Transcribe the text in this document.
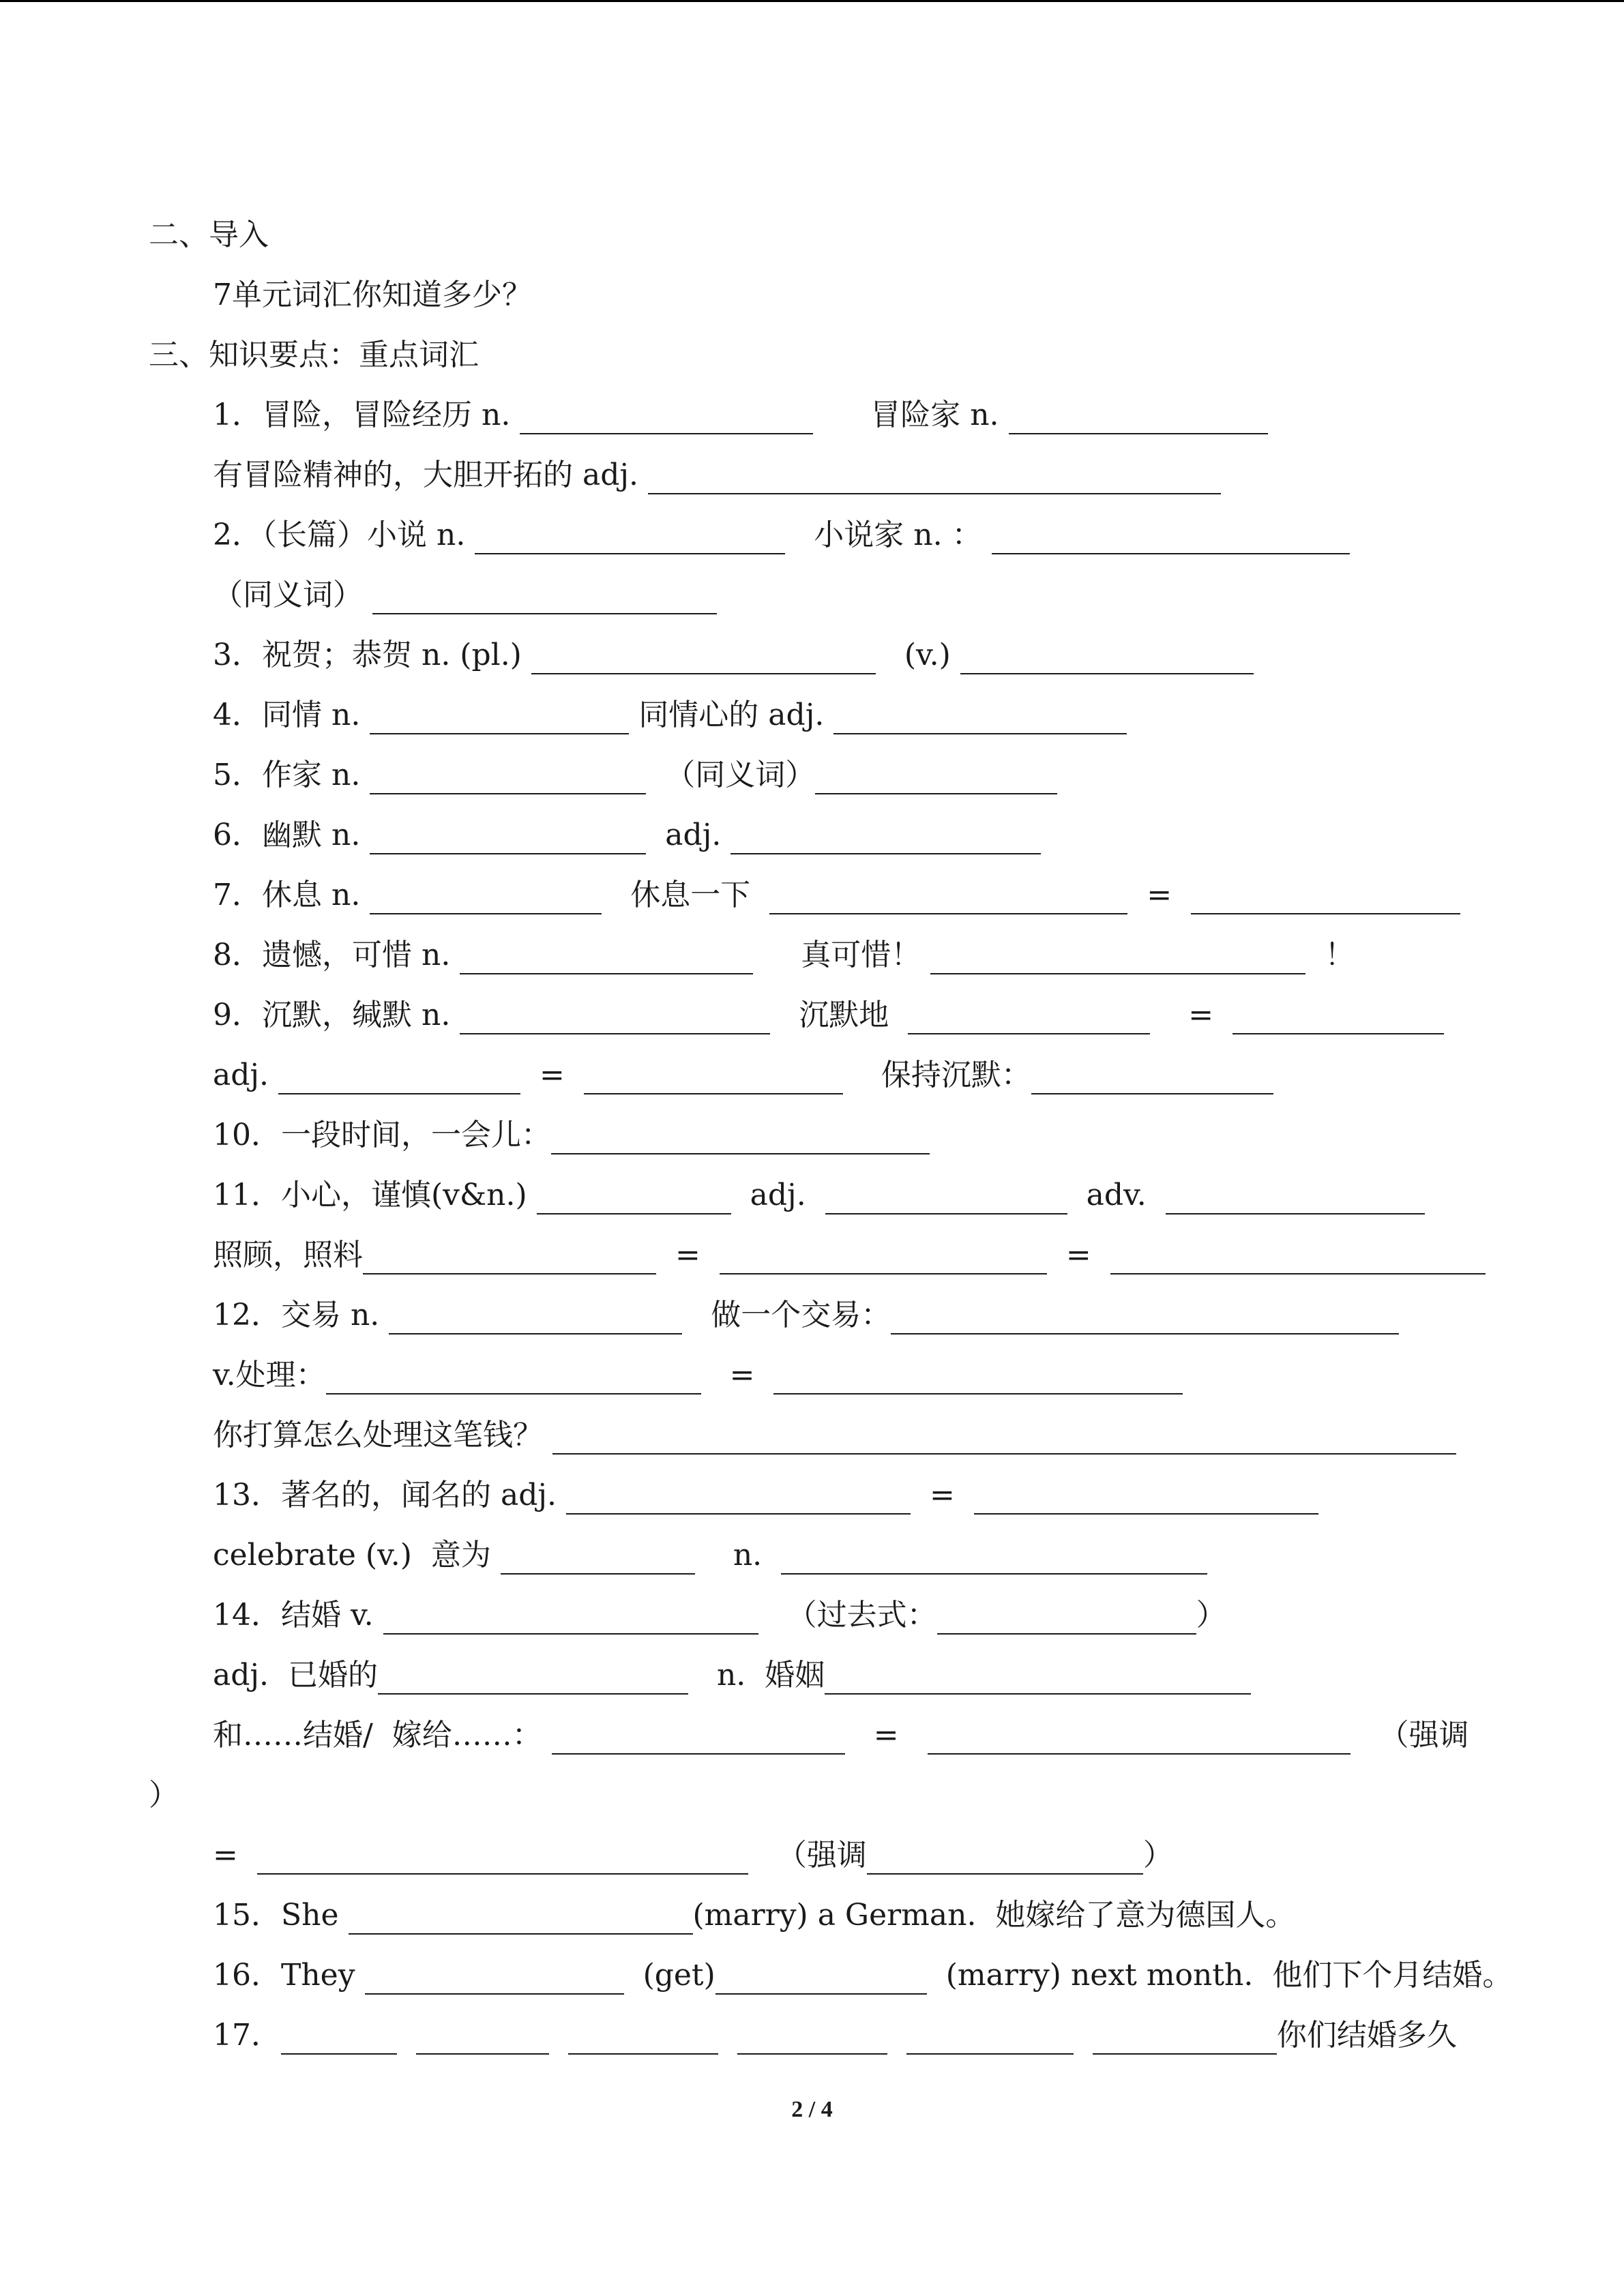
二、导入
7单元词汇你知道多少？
三、知识要点：重点词汇
1．冒险，冒险经历 n.	冒险家 n.
有冒险精神的，大胆开拓的 adj.
2．（长篇）小说 n.	小说家 n. ：
（同义词）
3．祝贺；恭贺 n. (pl.)	(v.)
4．同情 n.	同情心的 adj.
5．作家 n.	（同义词）
6．幽默 n.	adj.
7．休息 n.	休息一下	=
8．遗憾，可惜 n.	真可惜！	！
9．沉默，缄默 n.	沉默地	=
adj.	=	保持沉默：
10．一段时间，一会儿：
11．小心，谨慎(v&n.)	adj.	adv.
照顾，照料	=	=
12．交易 n.	做一个交易：
v.处理：	=
你打算怎么处理这笔钱？
13．著名的，闻名的 adj.	=
celebrate (v.)  意为	n.
14．结婚 v.	（过去式：	）
adj.  已婚的	n.  婚姻
和……结婚/  嫁给……：	=	（强调
）
=	（强调	）
15．She	(marry) a German.  她嫁给了意为德国人。
16．They	(get)	(marry) next month.  他们下个月结婚。
17．	你们结婚多久
2 / 4
